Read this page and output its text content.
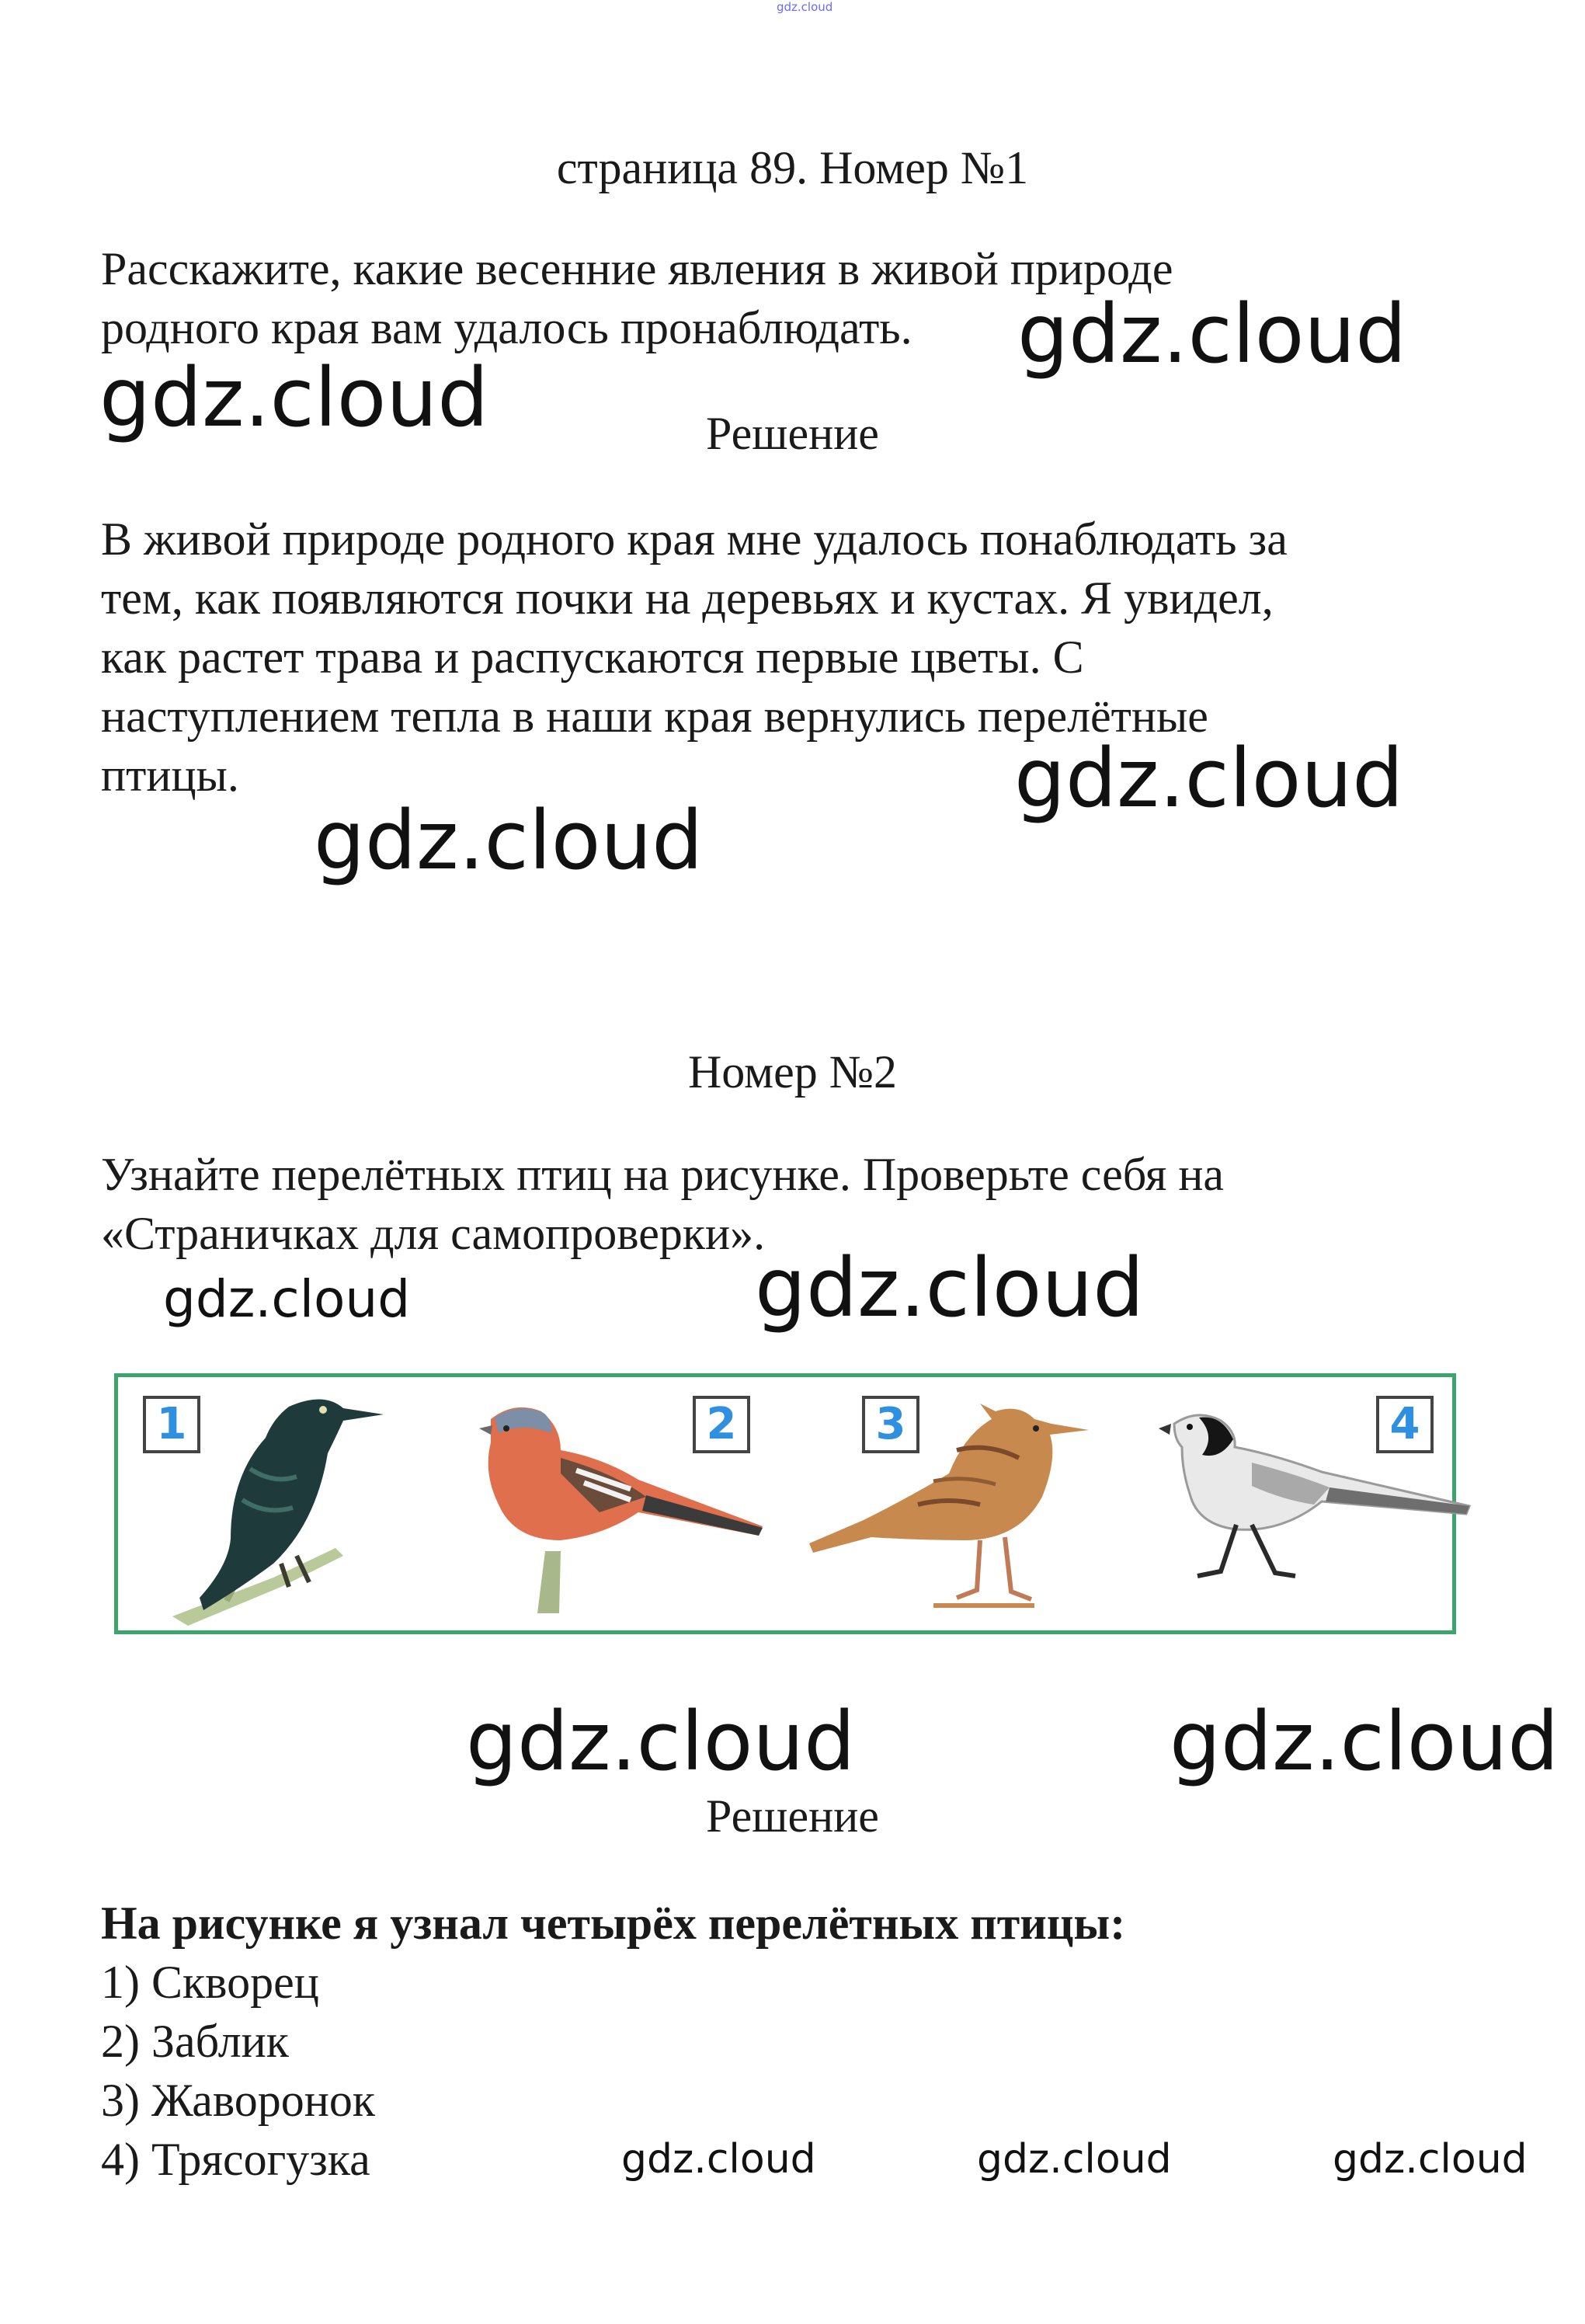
gdz.cloud
страница 89. Номер №1
Расскажите, какие весенние явления в живой природе
родного края вам удалось пронаблюдать. gdz.cloud
gdz.cloud	Решение
В живой природе родного края мне удалось понаблюдать за
тем, как появляются почки на деревьях и кустах. Я увидел,
как растет трава и распускаются первые цветы. С
наступлением тепла в наши края вернулись перелётные
птицы.	gdz.cloud
gdz.cloud
Номер №2
Узнайте перелётных птиц на рисунке. Проверьте себя на
«Страничках для самопроверки».
gdz.cloud	gdz.cloud
1	2	3	4
gdz.cloud	gdz.cloud
Решение
На рисунке я узнал четырёх перелётных птицы:
1) Скворец
2) Заблик
3) Жаворонок
4) Трясогузка	gdz.cloud	gdz.cloud	gdz.cloud
